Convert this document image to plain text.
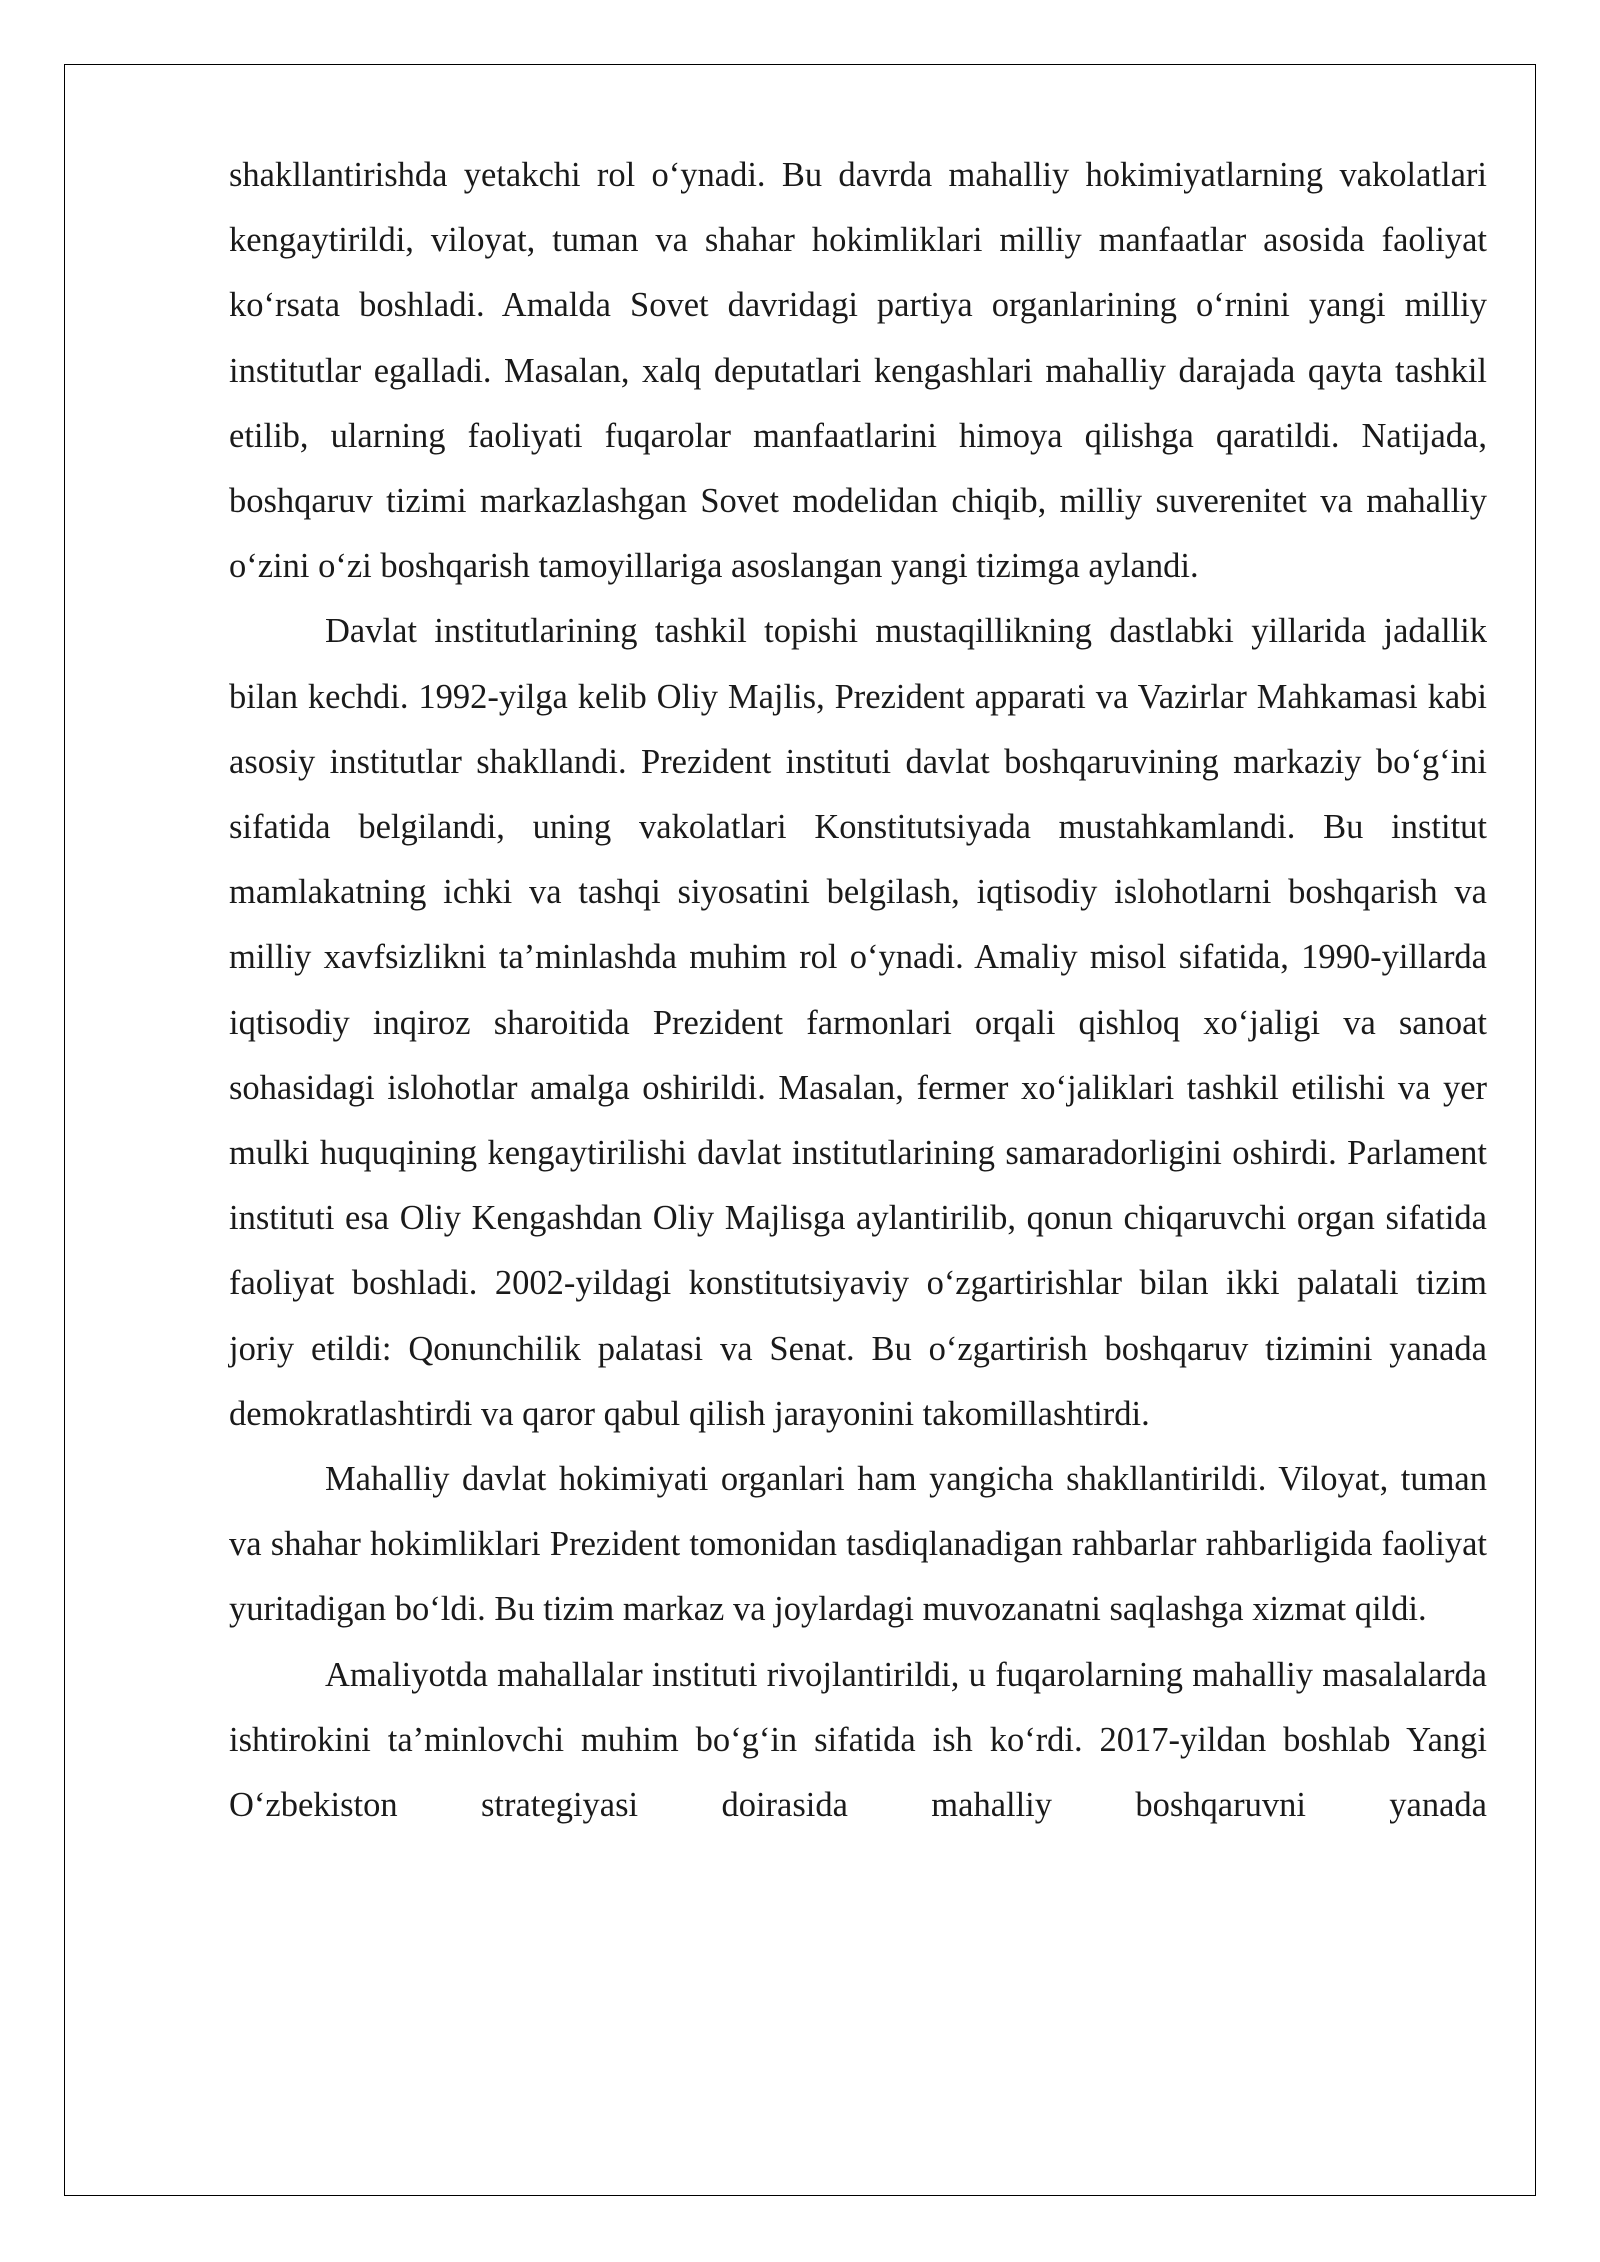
shakllantirishda yetakchi rol o‘ynadi. Bu davrda mahalliy hokimiyatlarning vakolatlari kengaytirildi, viloyat, tuman va shahar hokimliklari milliy manfaatlar asosida faoliyat ko‘rsata boshladi. Amalda Sovet davridagi partiya organlarining o‘rnini yangi milliy institutlar egalladi. Masalan, xalq deputatlari kengashlari mahalliy darajada qayta tashkil etilib, ularning faoliyati fuqarolar manfaatlarini himoya qilishga qaratildi. Natijada, boshqaruv tizimi markazlashgan Sovet modelidan chiqib, milliy suverenitet va mahalliy o‘zini o‘zi boshqarish tamoyillariga asoslangan yangi tizimga aylandi.

Davlat institutlarining tashkil topishi mustaqillikning dastlabki yillarida jadallik bilan kechdi. 1992-yilga kelib Oliy Majlis, Prezident apparati va Vazirlar Mahkamasi kabi asosiy institutlar shakllandi. Prezident instituti davlat boshqaruvining markaziy bo‘g‘ini sifatida belgilandi, uning vakolatlari Konstitutsiyada mustahkamlandi. Bu institut mamlakatning ichki va tashqi siyosatini belgilash, iqtisodiy islohotlarni boshqarish va milliy xavfsizlikni ta’minlashda muhim rol o‘ynadi. Amaliy misol sifatida, 1990-yillarda iqtisodiy inqiroz sharoitida Prezident farmonlari orqali qishloq xo‘jaligi va sanoat sohasidagi islohotlar amalga oshirildi. Masalan, fermer xo‘jaliklari tashkil etilishi va yer mulki huquqining kengaytirilishi davlat institutlarining samaradorligini oshirdi. Parlament instituti esa Oliy Kengashdan Oliy Majlisga aylantirilib, qonun chiqaruvchi organ sifatida faoliyat boshladi. 2002-yildagi konstitutsiyaviy o‘zgartirishlar bilan ikki palatali tizim joriy etildi: Qonunchilik palatasi va Senat. Bu o‘zgartirish boshqaruv tizimini yanada demokratlashtirdi va qaror qabul qilish jarayonini takomillashtirdi.

Mahalliy davlat hokimiyati organlari ham yangicha shakllantirildi. Viloyat, tuman va shahar hokimliklari Prezident tomonidan tasdiqlanadigan rahbarlar rahbarligida faoliyat yuritadigan bo‘ldi. Bu tizim markaz va joylardagi muvozanatni saqlashga xizmat qildi.

Amaliyotda mahallalar instituti rivojlantirildi, u fuqarolarning mahalliy masalalarda ishtirokini ta’minlovchi muhim bo‘g‘in sifatida ish ko‘rdi. 2017-yildan boshlab Yangi O‘zbekiston strategiyasi doirasida mahalliy boshqaruvni yanada
